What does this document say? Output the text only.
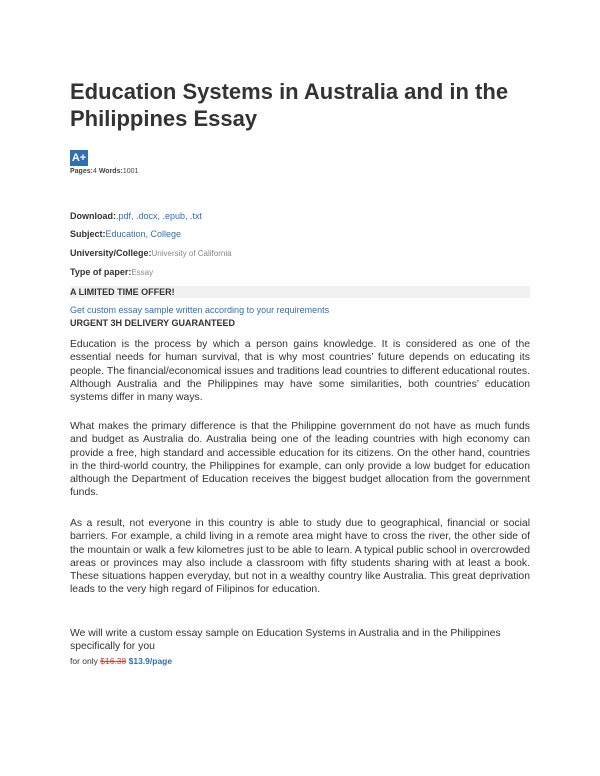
Education Systems in Australia and in the Philippines Essay
A+
Pages:4 Words:1001
Download:.pdf, .docx, .epub, .txt
Subject:Education, College
University/College:University of California
Type of paper:Essay
A LIMITED TIME OFFER!
Get custom essay sample written according to your requirements
URGENT 3H DELIVERY GUARANTEED

Education is the process by which a person gains knowledge. It is considered as one of the essential needs for human survival, that is why most countries’ future depends on educating its people. The financial/economical issues and traditions lead countries to different educational routes. Although Australia and the Philippines may have some similarities, both countries’ education systems differ in many ways.

What makes the primary difference is that the Philippine government do not have as much funds and budget as Australia do. Australia being one of the leading countries with high economy can provide a free, high standard and accessible education for its citizens. On the other hand, countries in the third-world country, the Philippines for example, can only provide a low budget for education although the Department of Education receives the biggest budget allocation from the government funds.

As a result, not everyone in this country is able to study due to geographical, financial or social barriers. For example, a child living in a remote area might have to cross the river, the other side of the mountain or walk a few kilometres just to be able to learn. A typical public school in overcrowded areas or provinces may also include a classroom with fifty students sharing with at least a book. These situations happen everyday, but not in a wealthy country like Australia. This great deprivation leads to the very high regard of Filipinos for education.

We will write a custom essay sample on Education Systems in Australia and in the Philippines specifically for you

for only $16.38 $13.9/page
